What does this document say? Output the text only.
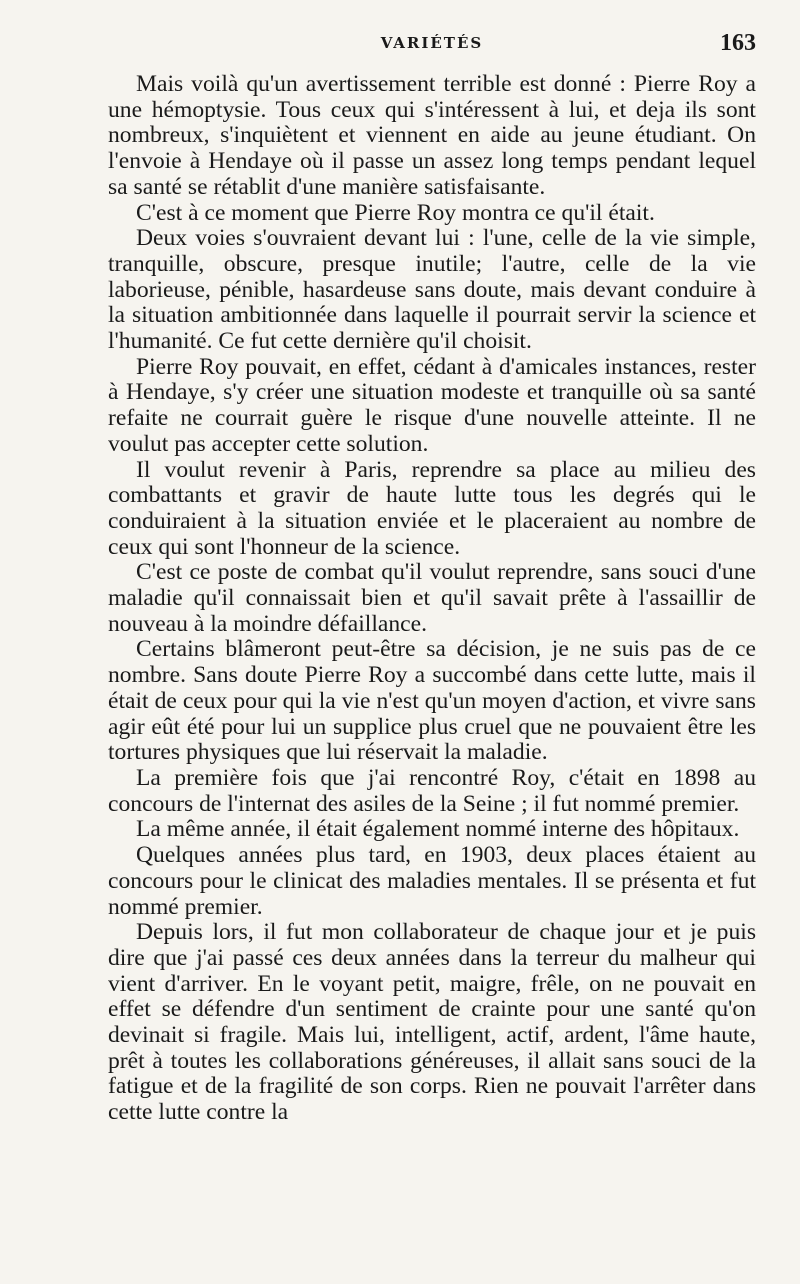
VARIÉTÉS	163

Mais voilà qu'un avertissement terrible est donné : Pierre Roy a une hémoptysie. Tous ceux qui s'intéressent à lui, et deja ils sont nombreux, s'inquiètent et viennent en aide au jeune étudiant. On l'envoie à Hendaye où il passe un assez long temps pendant lequel sa santé se rétablit d'une manière satisfaisante.

C'est à ce moment que Pierre Roy montra ce qu'il était.

Deux voies s'ouvraient devant lui : l'une, celle de la vie simple, tranquille, obscure, presque inutile; l'autre, celle de la vie laborieuse, pénible, hasardeuse sans doute, mais devant conduire à la situation ambitionnée dans laquelle il pourrait servir la science et l'humanité. Ce fut cette dernière qu'il choisit.

Pierre Roy pouvait, en effet, cédant à d'amicales instances, rester à Hendaye, s'y créer une situation modeste et tranquille où sa santé refaite ne courrait guère le risque d'une nouvelle atteinte. Il ne voulut pas accepter cette solution.

Il voulut revenir à Paris, reprendre sa place au milieu des combattants et gravir de haute lutte tous les degrés qui le conduiraient à la situation enviée et le placeraient au nombre de ceux qui sont l'honneur de la science.

C'est ce poste de combat qu'il voulut reprendre, sans souci d'une maladie qu'il connaissait bien et qu'il savait prête à l'assaillir de nouveau à la moindre défaillance.

Certains blâmeront peut-être sa décision, je ne suis pas de ce nombre. Sans doute Pierre Roy a succombé dans cette lutte, mais il était de ceux pour qui la vie n'est qu'un moyen d'action, et vivre sans agir eût été pour lui un supplice plus cruel que ne pouvaient être les tortures physiques que lui réservait la maladie.

La première fois que j'ai rencontré Roy, c'était en 1898 au concours de l'internat des asiles de la Seine ; il fut nommé premier.

La même année, il était également nommé interne des hôpitaux.

Quelques années plus tard, en 1903, deux places étaient au concours pour le clinicat des maladies mentales. Il se présenta et fut nommé premier.

Depuis lors, il fut mon collaborateur de chaque jour et je puis dire que j'ai passé ces deux années dans la terreur du malheur qui vient d'arriver. En le voyant petit, maigre, frêle, on ne pouvait en effet se défendre d'un sentiment de crainte pour une santé qu'on devinait si fragile. Mais lui, intelligent, actif, ardent, l'âme haute, prêt à toutes les collaborations généreuses, il allait sans souci de la fatigue et de la fragilité de son corps. Rien ne pouvait l'arrêter dans cette lutte contre la
